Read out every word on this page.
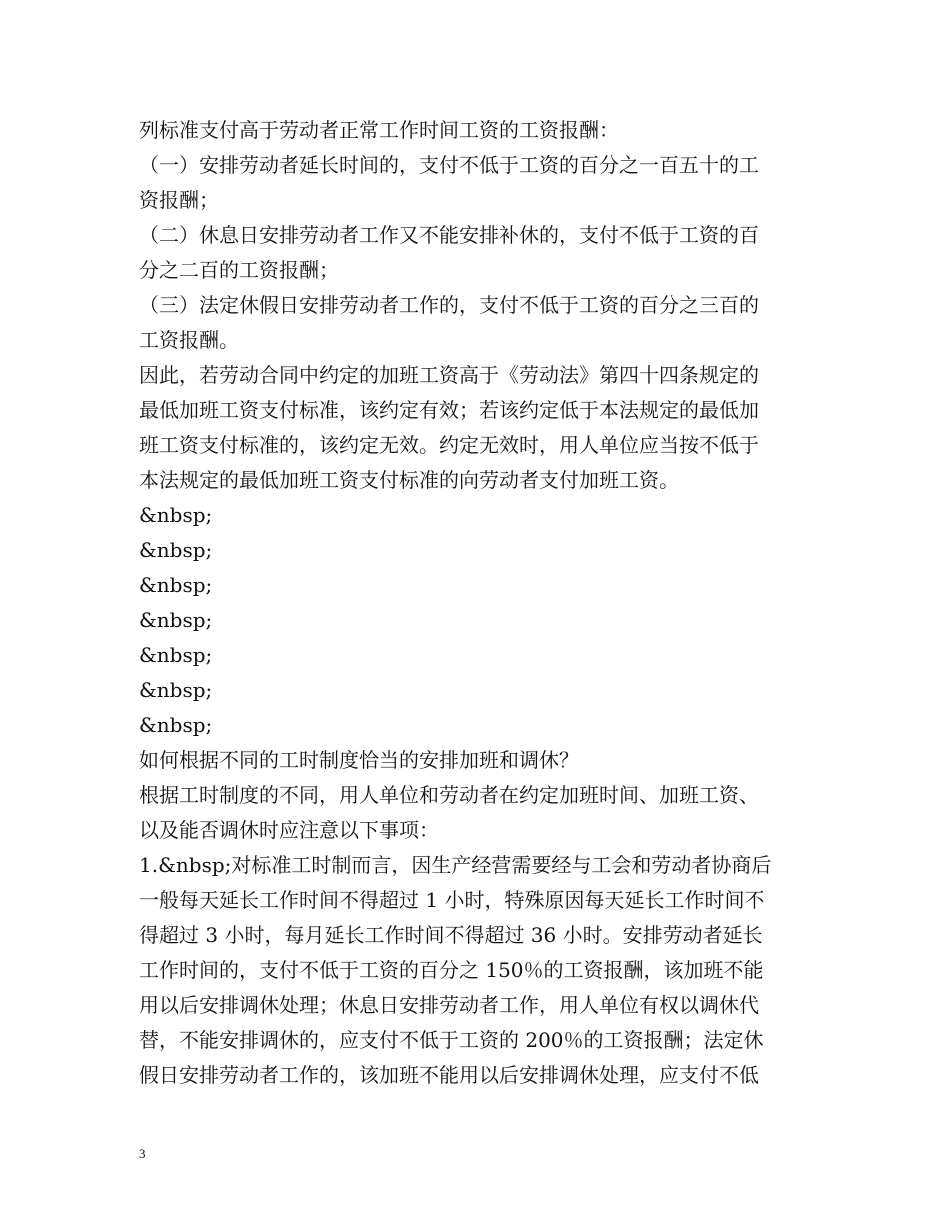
列标准支付高于劳动者正常工作时间工资的工资报酬：
（一）安排劳动者延长时间的，支付不低于工资的百分之一百五十的工
资报酬；
（二）休息日安排劳动者工作又不能安排补休的，支付不低于工资的百
分之二百的工资报酬；
（三）法定休假日安排劳动者工作的，支付不低于工资的百分之三百的
工资报酬。
因此，若劳动合同中约定的加班工资高于《劳动法》第四十四条规定的
最低加班工资支付标准，该约定有效；若该约定低于本法规定的最低加
班工资支付标准的，该约定无效。约定无效时，用人单位应当按不低于
本法规定的最低加班工资支付标准的向劳动者支付加班工资。
&nbsp;
&nbsp;
&nbsp;
&nbsp;
&nbsp;
&nbsp;
&nbsp;
如何根据不同的工时制度恰当的安排加班和调休？
根据工时制度的不同，用人单位和劳动者在约定加班时间、加班工资、
以及能否调休时应注意以下事项：
1.&nbsp;对标准工时制而言，因生产经营需要经与工会和劳动者协商后
一般每天延长工作时间不得超过 1 小时，特殊原因每天延长工作时间不
得超过 3 小时，每月延长工作时间不得超过 36 小时。安排劳动者延长
工作时间的，支付不低于工资的百分之 150％的工资报酬，该加班不能
用以后安排调休处理；休息日安排劳动者工作，用人单位有权以调休代
替，不能安排调休的，应支付不低于工资的 200％的工资报酬；法定休
假日安排劳动者工作的，该加班不能用以后安排调休处理，应支付不低
3
